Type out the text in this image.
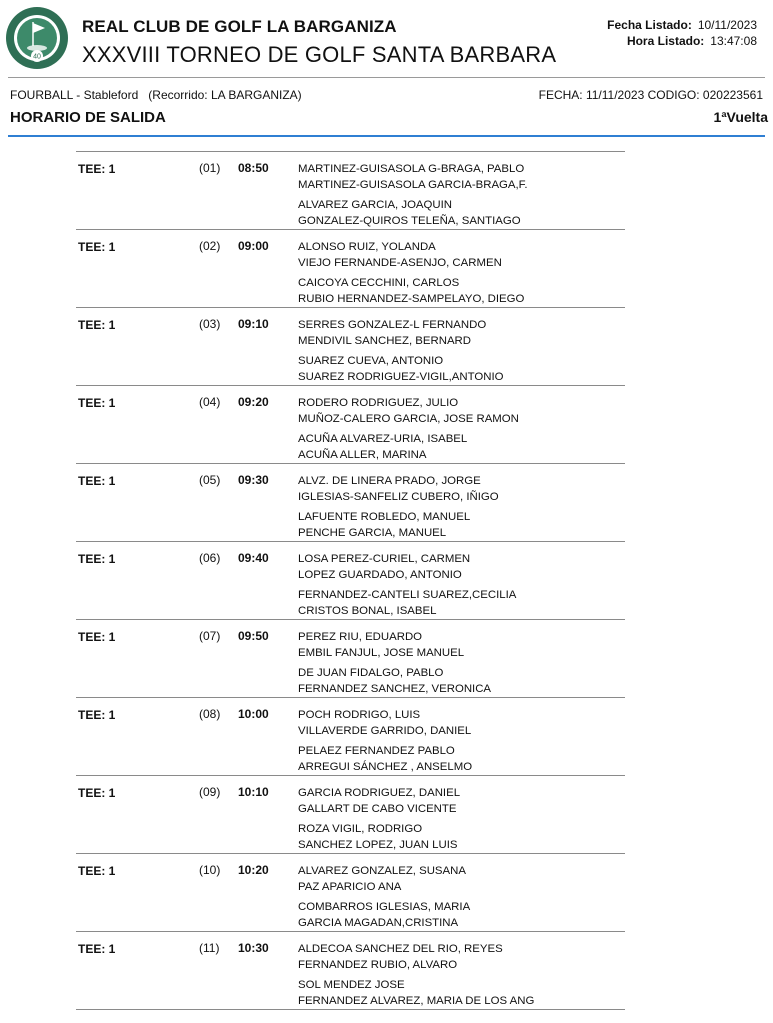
40
REAL CLUB DE GOLF LA BARGANIZA
XXXVIII TORNEO DE GOLF SANTA BARBARA
Fecha Listado: 10/11/2023
Hora Listado: 13:47:08
FOURBALL - Stableford (Recorrido: LA BARGANIZA)	FECHA: 11/11/2023 CODIGO: 020223561
HORARIO DE SALIDA	1ªVuelta
TEE: 1	(01) 08:50	MARTINEZ-GUISASOLA G-BRAGA, PABLO
MARTINEZ-GUISASOLA GARCIA-BRAGA,F.
ALVAREZ GARCIA, JOAQUIN
GONZALEZ-QUIROS TELEÑA, SANTIAGO
TEE: 1	(02) 09:00	ALONSO RUIZ, YOLANDA
VIEJO FERNANDE-ASENJO, CARMEN
CAICOYA CECCHINI, CARLOS
RUBIO HERNANDEZ-SAMPELAYO, DIEGO
TEE: 1	(03) 09:10	SERRES GONZALEZ-L FERNANDO
MENDIVIL SANCHEZ, BERNARD
SUAREZ CUEVA, ANTONIO
SUAREZ RODRIGUEZ-VIGIL,ANTONIO
TEE: 1	(04) 09:20	RODERO RODRIGUEZ, JULIO
MUÑOZ-CALERO GARCIA, JOSE RAMON
ACUÑA ALVAREZ-URIA, ISABEL
ACUÑA ALLER, MARINA
TEE: 1	(05) 09:30	ALVZ. DE LINERA PRADO, JORGE
IGLESIAS-SANFELIZ CUBERO, IÑIGO
LAFUENTE ROBLEDO, MANUEL
PENCHE GARCIA, MANUEL
TEE: 1	(06) 09:40	LOSA PEREZ-CURIEL, CARMEN
LOPEZ GUARDADO, ANTONIO
FERNANDEZ-CANTELI SUAREZ,CECILIA
CRISTOS BONAL, ISABEL
TEE: 1	(07) 09:50	PEREZ RIU, EDUARDO
EMBIL FANJUL, JOSE MANUEL
DE JUAN FIDALGO, PABLO
FERNANDEZ SANCHEZ, VERONICA
TEE: 1	(08) 10:00	POCH RODRIGO, LUIS
VILLAVERDE GARRIDO, DANIEL
PELAEZ FERNANDEZ PABLO
ARREGUI SÁNCHEZ , ANSELMO
TEE: 1	(09) 10:10	GARCIA RODRIGUEZ, DANIEL
GALLART DE CABO VICENTE
ROZA VIGIL, RODRIGO
SANCHEZ LOPEZ, JUAN LUIS
TEE: 1	(10) 10:20	ALVAREZ GONZALEZ, SUSANA
PAZ APARICIO ANA
COMBARROS IGLESIAS, MARIA
GARCIA MAGADAN,CRISTINA
TEE: 1	(11) 10:30	ALDECOA SANCHEZ DEL RIO, REYES
FERNANDEZ RUBIO, ALVARO
SOL MENDEZ JOSE
FERNANDEZ ALVAREZ, MARIA DE LOS ANG
